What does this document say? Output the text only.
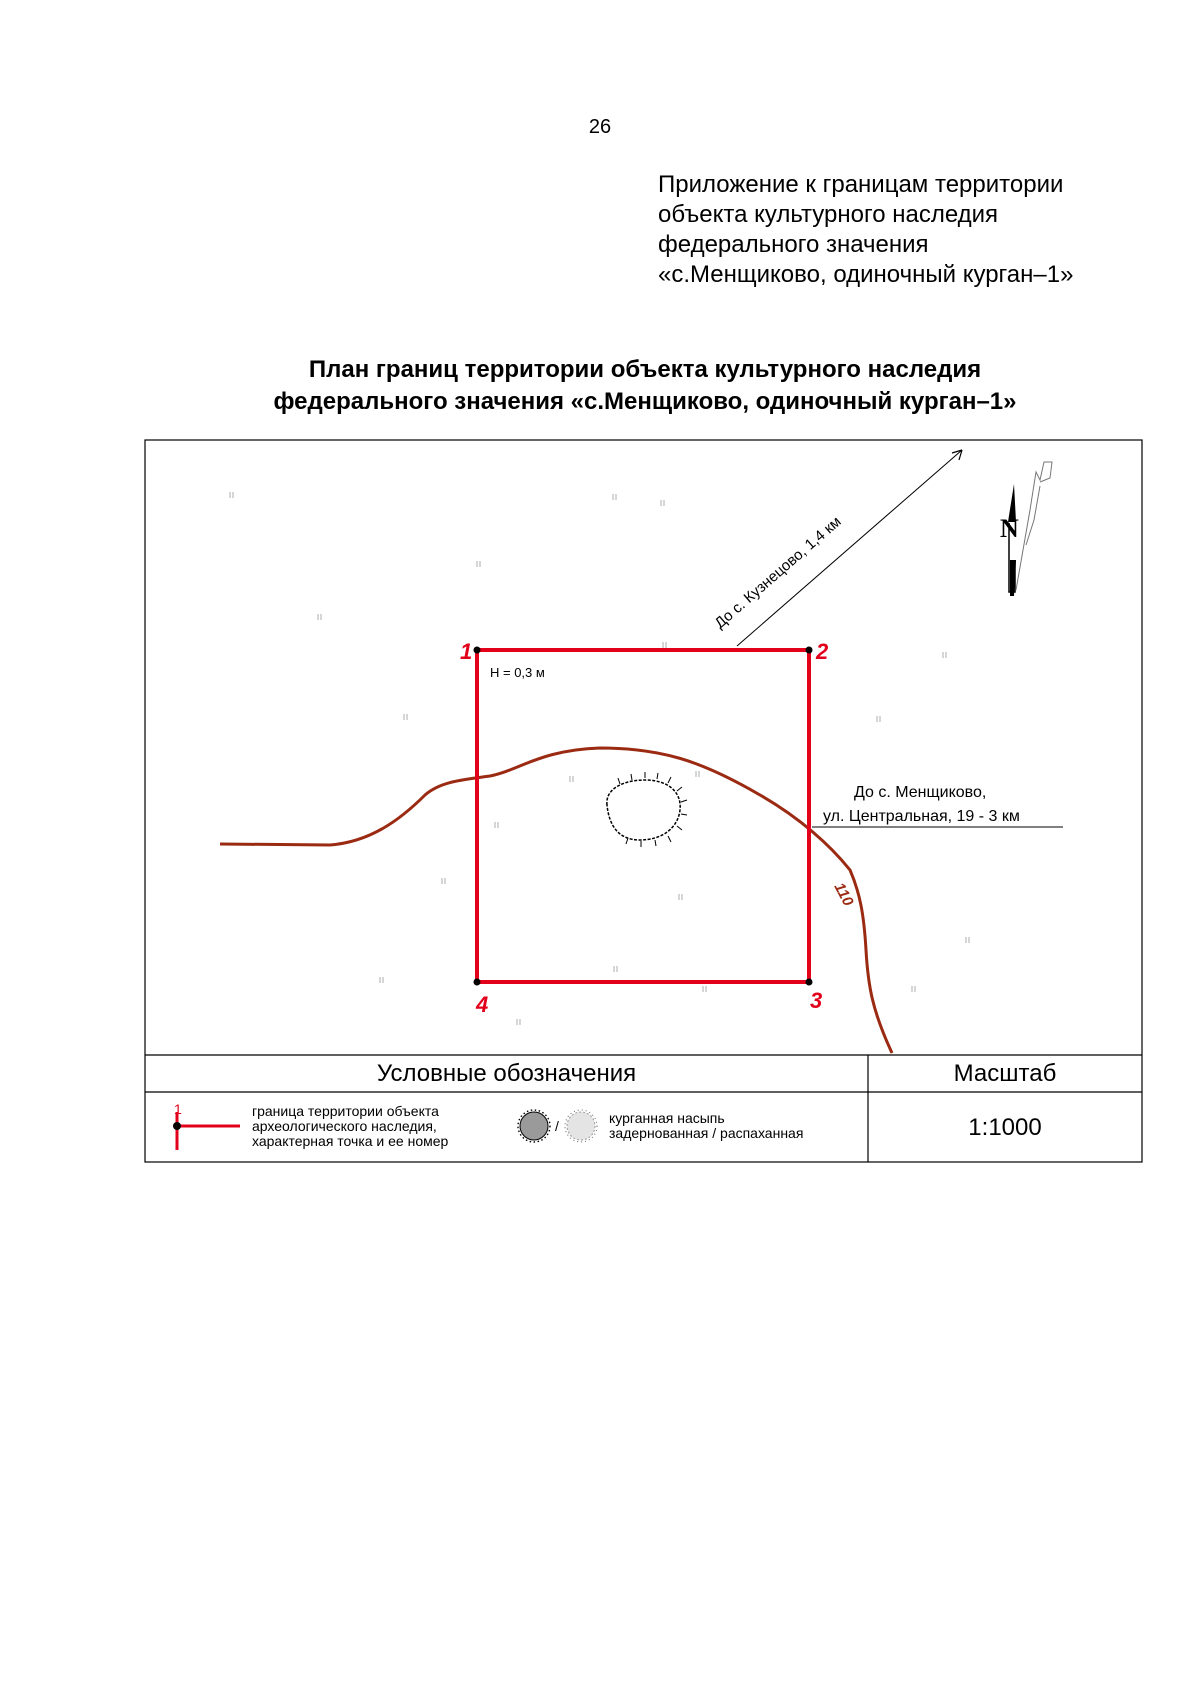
26
Приложение к границам территории
объекта культурного наследия
федерального значения
«с.Менщиково, одиночный курган–1»
План границ территории объекта культурного наследия
федерального значения «с.Менщиково, одиночный курган–1»
110
1	2
3
4
Н = 0,3 м
До с. Кузнецово, 1,4 км
До с. Менщиково,
ул. Центральная, 19 - 3 км
N
1
/
Условные обозначения	Масштаб
1:1000
граница территории объекта
археологического наследия,
характерная точка и ее номер
курганная насыпь
задернованная / распаханная
